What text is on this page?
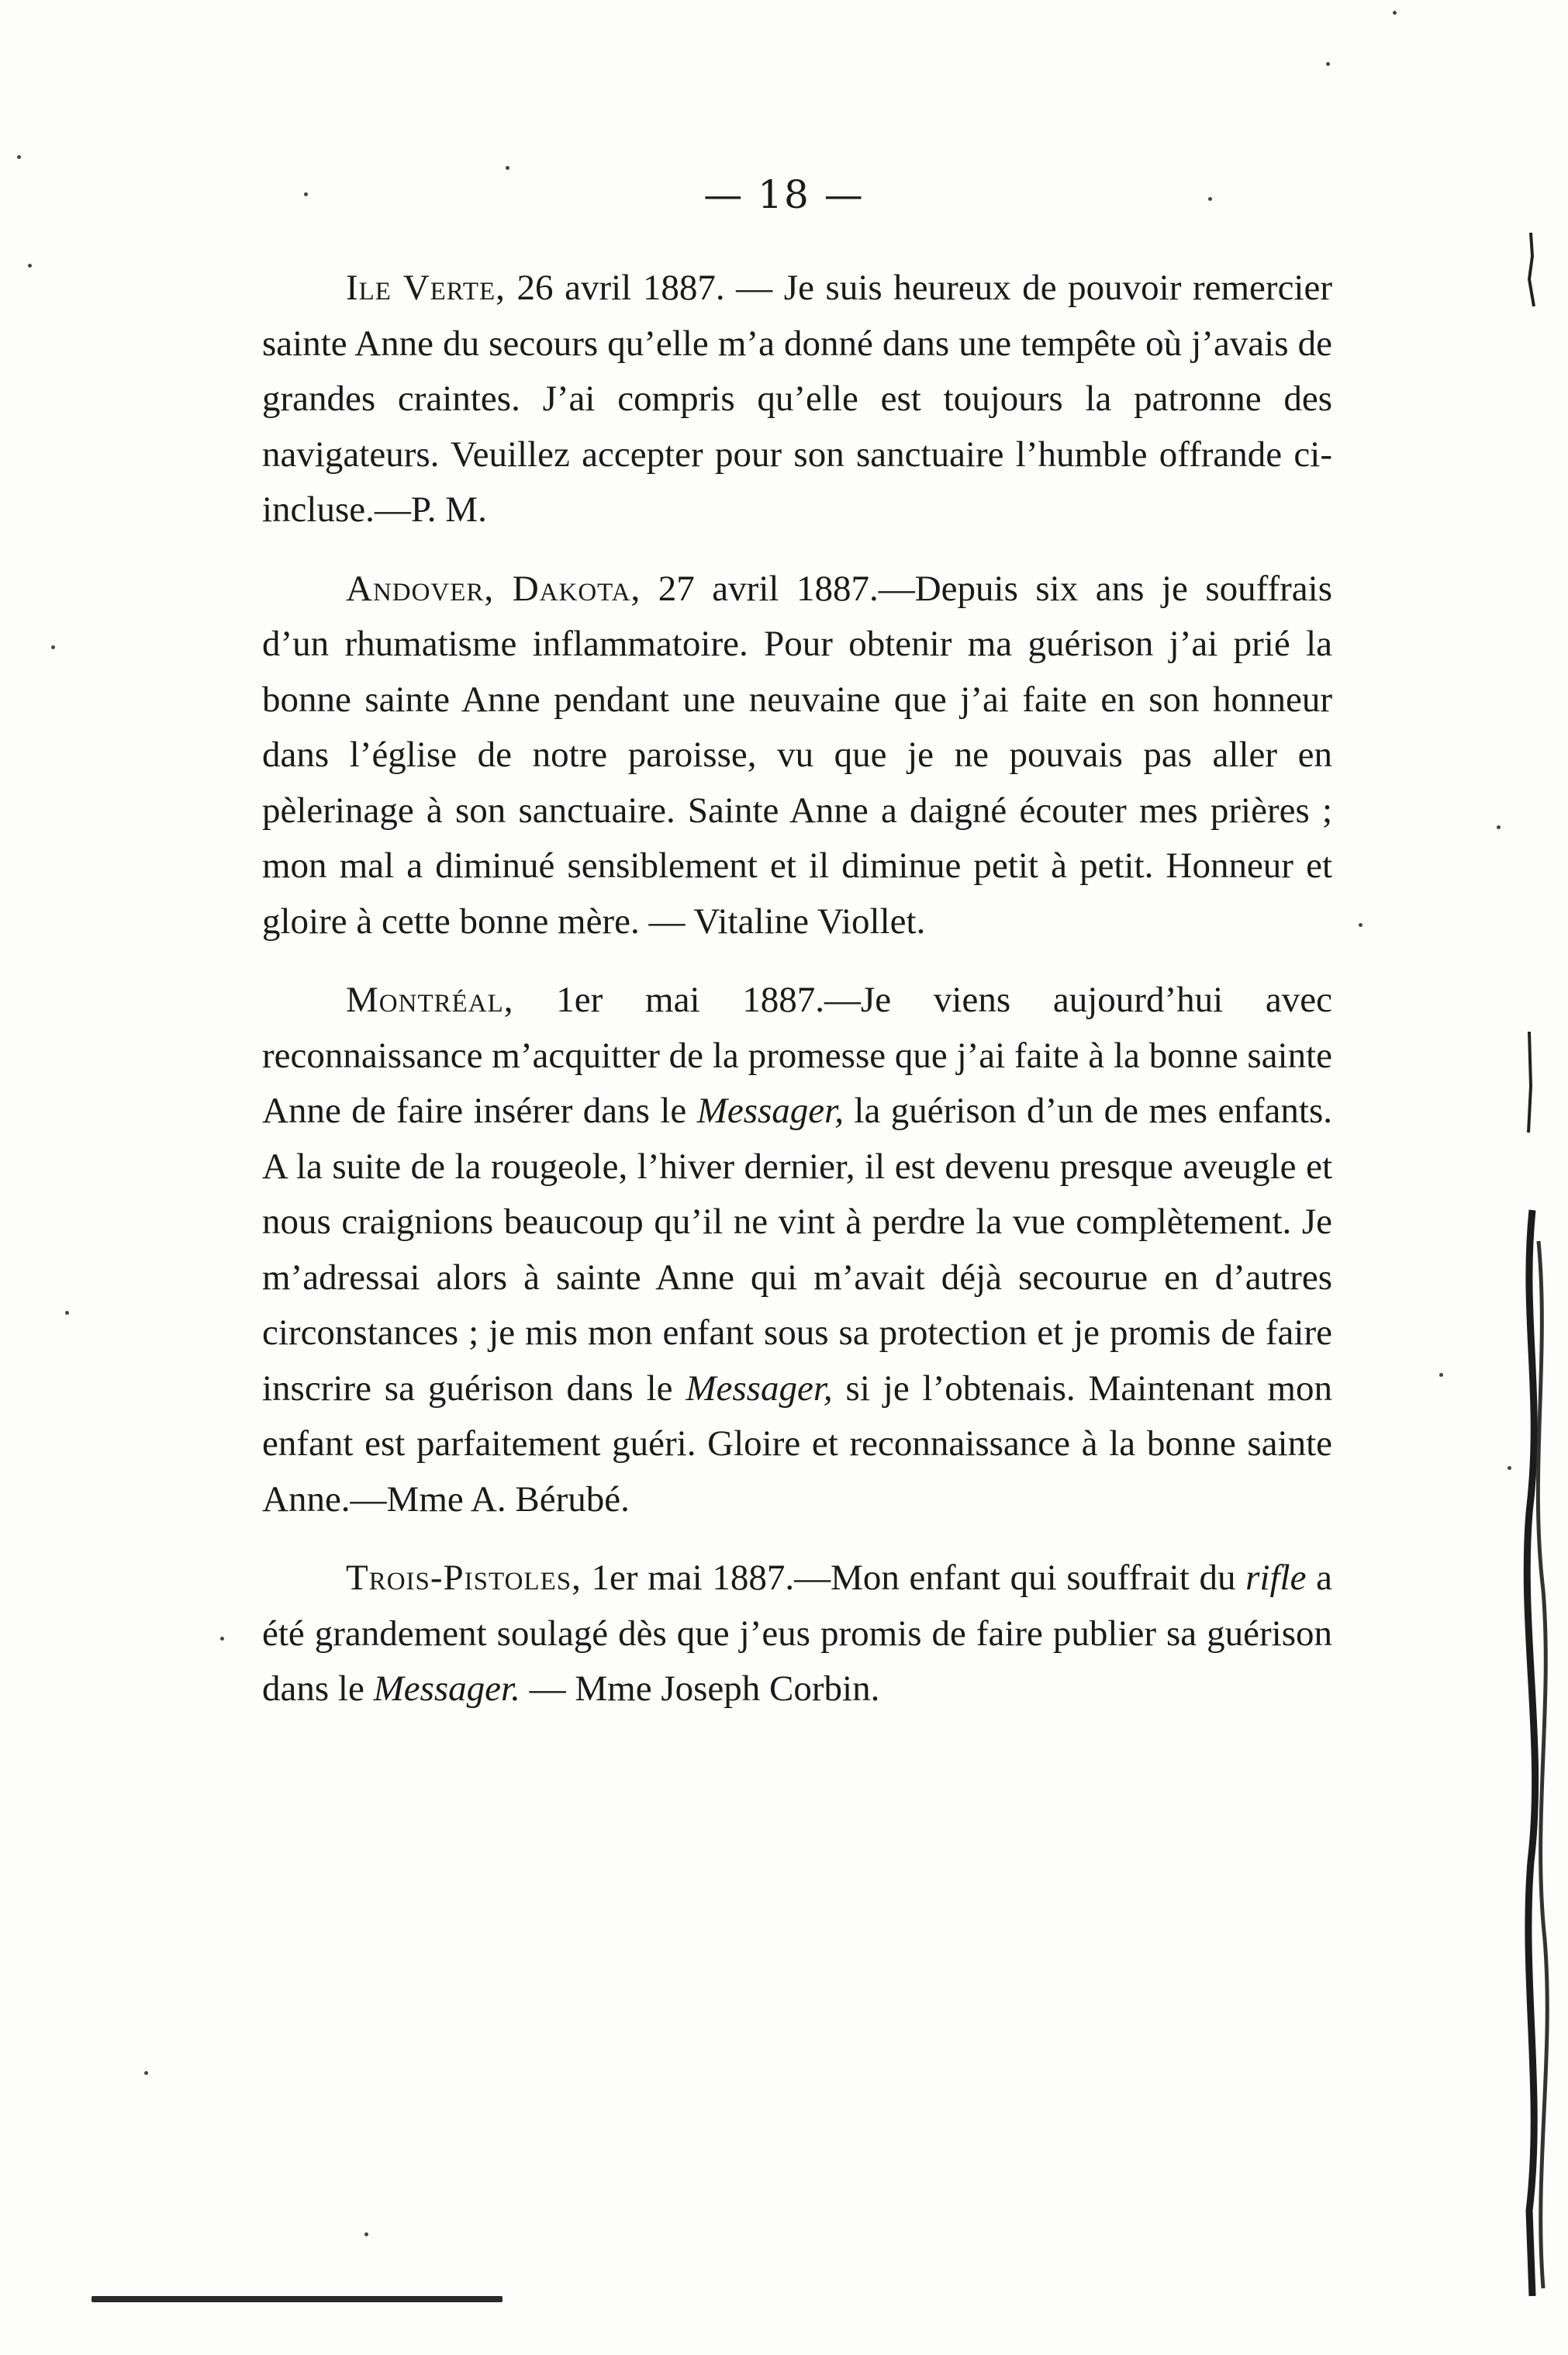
— 18 —

Ile Verte, 26 avril 1887. — Je suis heureux de pouvoir remercier sainte Anne du secours qu’elle m’a donné dans une tempête où j’avais de grandes craintes. J’ai compris qu’elle est toujours la patronne des navigateurs. Veuillez accepter pour son sanctuaire l’humble offrande ci-incluse.—P. M.

Andover, Dakota, 27 avril 1887.—Depuis six ans je souffrais d’un rhumatisme inflammatoire. Pour obtenir ma guérison j’ai prié la bonne sainte Anne pendant une neuvaine que j’ai faite en son honneur dans l’église de notre paroisse, vu que je ne pouvais pas aller en pèlerinage à son sanctuaire. Sainte Anne a daigné écouter mes prières ; mon mal a diminué sensiblement et il diminue petit à petit. Honneur et gloire à cette bonne mère. — Vitaline Viollet.

Montréal, 1er mai 1887.—Je viens aujourd’hui avec reconnaissance m’acquitter de la promesse que j’ai faite à la bonne sainte Anne de faire insérer dans le Messager, la guérison d’un de mes enfants. A la suite de la rougeole, l’hiver dernier, il est devenu presque aveugle et nous craignions beaucoup qu’il ne vint à perdre la vue complètement. Je m’adressai alors à sainte Anne qui m’avait déjà secourue en d’autres circonstances ; je mis mon enfant sous sa protection et je promis de faire inscrire sa guérison dans le Messager, si je l’obtenais. Maintenant mon enfant est parfaitement guéri. Gloire et reconnaissance à la bonne sainte Anne.—Mme A. Bérubé.

Trois-Pistoles, 1er mai 1887.—Mon enfant qui souffrait du rifle a été grandement soulagé dès que j’eus promis de faire publier sa guérison dans le Messager. — Mme Joseph Corbin.
